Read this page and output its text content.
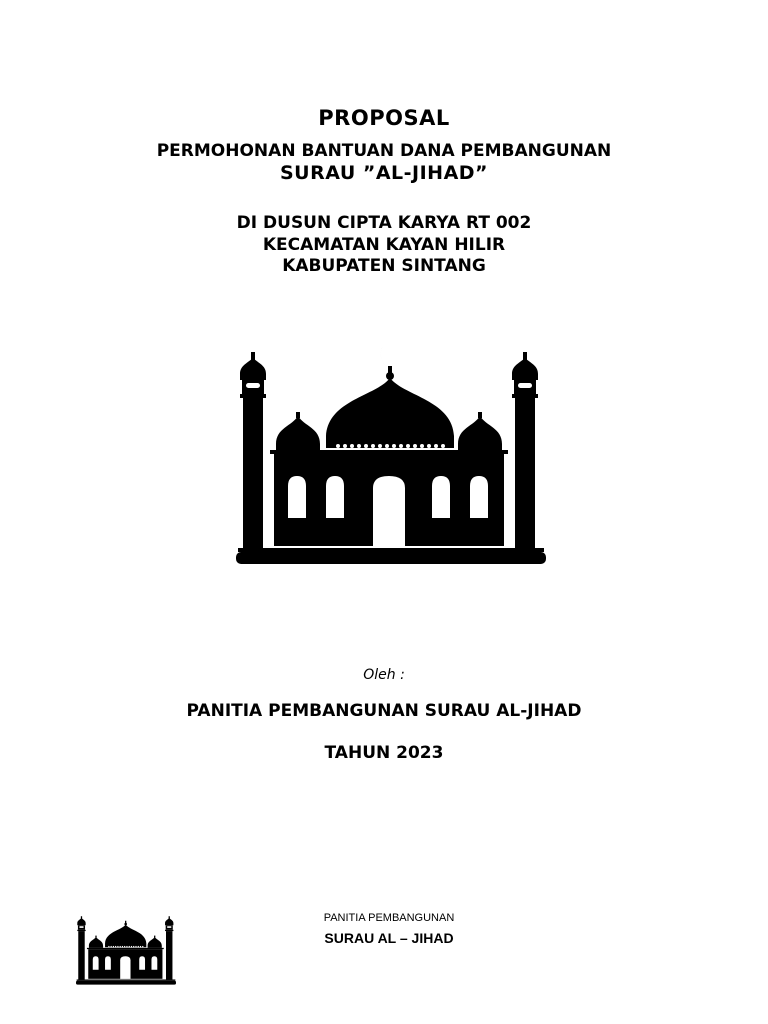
PROPOSAL
PERMOHONAN BANTUAN DANA PEMBANGUNAN
SURAU ”AL-JIHAD”
DI DUSUN CIPTA KARYA RT 002
KECAMATAN KAYAN HILIR
KABUPATEN SINTANG
Oleh :
PANITIA PEMBANGUNAN SURAU AL-JIHAD
TAHUN 2023
PANITIA PEMBANGUNAN
SURAU AL – JIHAD
